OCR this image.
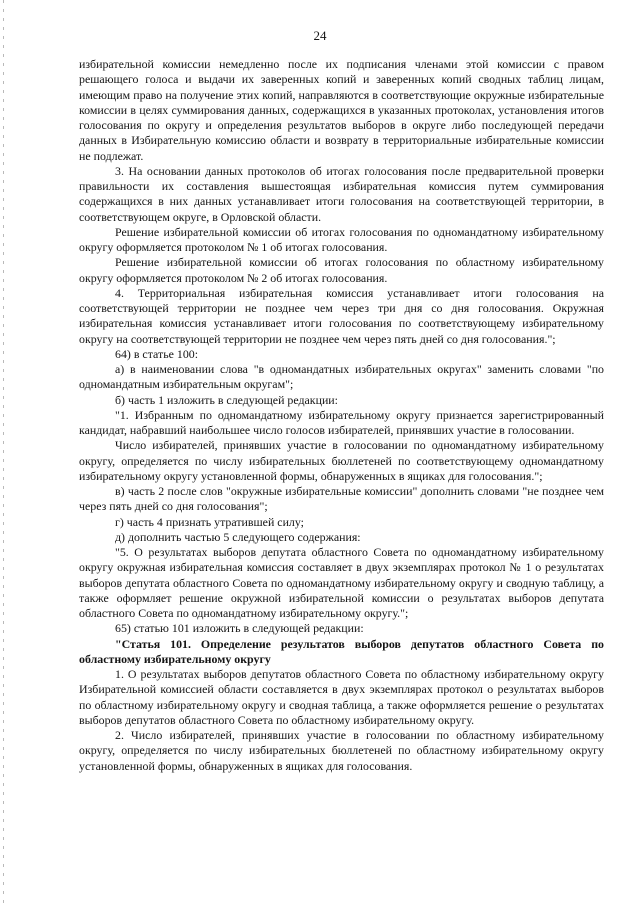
24

избирательной комиссии немедленно после их подписания членами этой комиссии с правом решающего голоса и выдачи их заверенных копий и заверенных копий сводных таблиц лицам, имеющим право на получение этих копий, направляются в соответствующие окружные избирательные комиссии в целях суммирования данных, содержащихся в указанных протоколах, установления итогов голосования по округу и определения результатов выборов в округе либо последующей передачи данных в Избирательную комиссию области и возврату в территориальные избирательные комиссии не подлежат.

3. На основании данных протоколов об итогах голосования после предварительной проверки правильности их составления вышестоящая избирательная комиссия путем суммирования содержащихся в них данных устанавливает итоги голосования на соответствующей территории, в соответствующем округе, в Орловской области.

Решение избирательной комиссии об итогах голосования по одномандатному избирательному округу оформляется протоколом № 1 об итогах голосования.

Решение избирательной комиссии об итогах голосования по областному избирательному округу оформляется протоколом № 2 об итогах голосования.

4. Территориальная избирательная комиссия устанавливает итоги голосования на соответствующей территории не позднее чем через три дня со дня голосования. Окружная избирательная комиссия устанавливает итоги голосования по соответствующему избирательному округу на соответствующей территории не позднее чем через пять дней со дня голосования.";

64) в статье 100:

а) в наименовании слова "в одномандатных избирательных округах" заменить словами "по одномандатным избирательным округам";

б) часть 1 изложить в следующей редакции:

"1. Избранным по одномандатному избирательному округу признается зарегистрированный кандидат, набравший наибольшее число голосов избирателей, принявших участие в голосовании.

Число избирателей, принявших участие в голосовании по одномандатному избирательному округу, определяется по числу избирательных бюллетеней по соответствующему одномандатному избирательному округу установленной формы, обнаруженных в ящиках для голосования.";

в) часть 2 после слов "окружные избирательные комиссии" дополнить словами "не позднее чем через пять дней со дня голосования";

г) часть 4 признать утратившей силу;

д) дополнить частью 5 следующего содержания:

"5. О результатах выборов депутата областного Совета по одномандатному избирательному округу окружная избирательная комиссия составляет в двух экземплярах протокол № 1 о результатах выборов депутата областного Совета по одномандатному избирательному округу и сводную таблицу, а также оформляет решение окружной избирательной комиссии о результатах выборов депутата областного Совета по одномандатному избирательному округу.";

65) статью 101 изложить в следующей редакции:

"Статья 101. Определение результатов выборов депутатов областного Совета по областному избирательному округу

1. О результатах выборов депутатов областного Совета по областному избирательному округу Избирательной комиссией области составляется в двух экземплярах протокол о результатах выборов по областному избирательному округу и сводная таблица, а также оформляется решение о результатах выборов депутатов областного Совета по областному избирательному округу.

2. Число избирателей, принявших участие в голосовании по областному избирательному округу, определяется по числу избирательных бюллетеней по областному избирательному округу установленной формы, обнаруженных в ящиках для голосования.
